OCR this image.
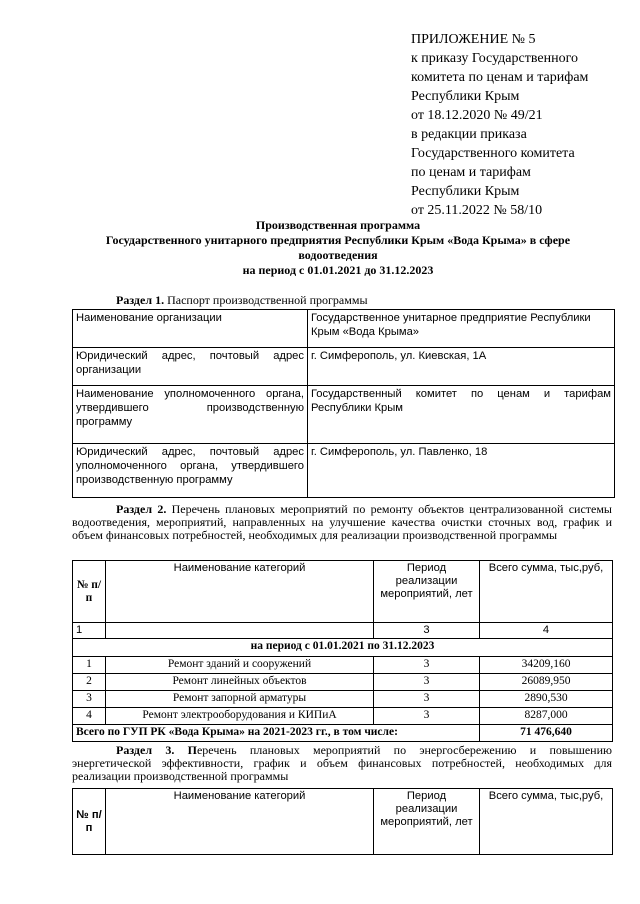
ПРИЛОЖЕНИЕ № 5
к приказу Государственного
комитета по ценам и тарифам
Республики Крым
от 18.12.2020 № 49/21
в редакции приказа
Государственного комитета
по ценам и тарифам
Республики Крым
от 25.11.2022 № 58/10
Производственная программа
Государственного унитарного предприятия Республики Крым «Вода Крыма» в сфере
водоотведения
на период с 01.01.2021 до 31.12.2023
Раздел 1. Паспорт производственной программы
Наименование организации	Государственное унитарное предприятие Республики Крым «Вода Крыма»
Юридический адрес, почтовый адрес организации	г. Симферополь, ул. Киевская, 1А
Наименование уполномоченного органа, утвердившего производственную программу	Государственный комитет по ценам и тарифам Республики Крым
Юридический адрес, почтовый адрес уполномоченного органа, утвердившего производственную программу	г. Симферополь, ул. Павленко, 18
Раздел 2. Перечень плановых мероприятий по ремонту объектов централизованной системы водоотведения, мероприятий, направленных на улучшение качества очистки сточных вод, график и объем финансовых потребностей, необходимых для реализации производственной программы
№ п/п	Наименование категорий	Период реализации мероприятий, лет	Всего сумма, тыс,руб,
1		3	4
на период с 01.01.2021 по 31.12.2023			
1	Ремонт зданий и сооружений	3	34209,160
2	Ремонт линейных объектов	3	26089,950
3	Ремонт запорной арматуры	3	2890,530
4	Ремонт электрооборудования и КИПиА	3	8287,000
Всего по ГУП РК «Вода Крыма» на 2021-2023 гг., в том числе:			71 476,640
Раздел 3. Перечень плановых мероприятий по энергосбережению и повышению энергетической эффективности, график и объем финансовых потребностей, необходимых для реализации производственной программы
№ п/п	Наименование категорий	Период реализации мероприятий, лет	Всего сумма, тыс,руб,
